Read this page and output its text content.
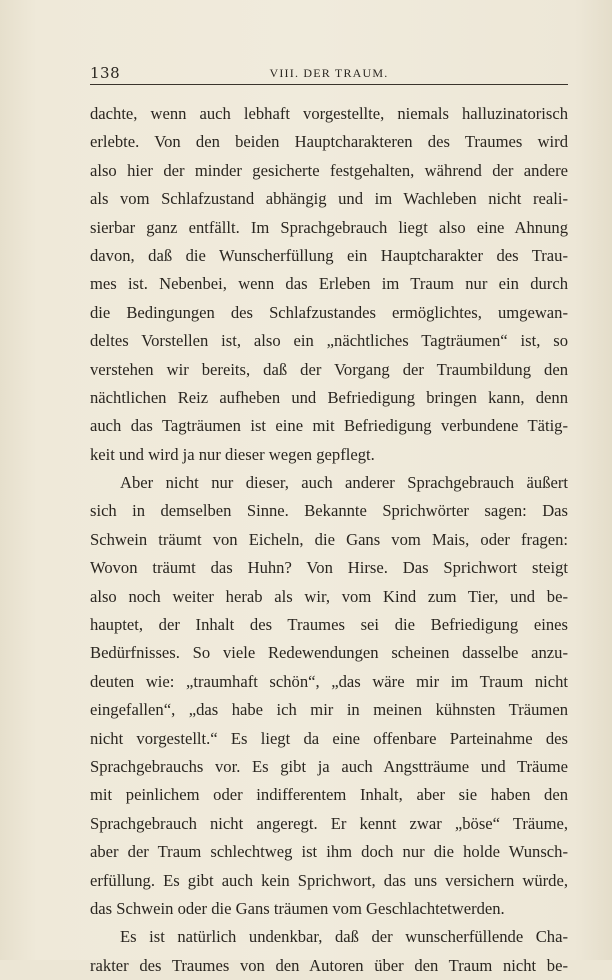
138	VIII. DER TRAUM.
dachte, wenn auch lebhaft vorgestellte, niemals halluzinatorisch
erlebte. Von den beiden Hauptcharakteren des Traumes wird
also hier der minder gesicherte festgehalten, während der andere
als vom Schlafzustand abhängig und im Wachleben nicht reali-
sierbar ganz entfällt. Im Sprachgebrauch liegt also eine Ahnung
davon, daß die Wunscherfüllung ein Hauptcharakter des Trau-
mes ist. Nebenbei, wenn das Erleben im Traum nur ein durch
die Bedingungen des Schlafzustandes ermöglichtes, umgewan-
deltes Vorstellen ist, also ein „nächtliches Tagträumen“ ist, so
verstehen wir bereits, daß der Vorgang der Traumbildung den
nächtlichen Reiz aufheben und Befriedigung bringen kann, denn
auch das Tagträumen ist eine mit Befriedigung verbundene Tätig-
keit und wird ja nur dieser wegen gepflegt.
Aber nicht nur dieser, auch anderer Sprachgebrauch äußert
sich in demselben Sinne. Bekannte Sprichwörter sagen: Das
Schwein träumt von Eicheln, die Gans vom Mais, oder fragen:
Wovon träumt das Huhn? Von Hirse. Das Sprichwort steigt
also noch weiter herab als wir, vom Kind zum Tier, und be-
hauptet, der Inhalt des Traumes sei die Befriedigung eines
Bedürfnisses. So viele Redewendungen scheinen dasselbe anzu-
deuten wie: „traumhaft schön“, „das wäre mir im Traum nicht
eingefallen“, „das habe ich mir in meinen kühnsten Träumen
nicht vorgestellt.“ Es liegt da eine offenbare Parteinahme des
Sprachgebrauchs vor. Es gibt ja auch Angstträume und Träume
mit peinlichem oder indifferentem Inhalt, aber sie haben den
Sprachgebrauch nicht angeregt. Er kennt zwar „böse“ Träume,
aber der Traum schlechtweg ist ihm doch nur die holde Wunsch-
erfüllung. Es gibt auch kein Sprichwort, das uns versichern würde,
das Schwein oder die Gans träumen vom Geschlachtetwerden.
Es ist natürlich undenkbar, daß der wunscherfüllende Cha-
rakter des Traumes von den Autoren über den Traum nicht be-
